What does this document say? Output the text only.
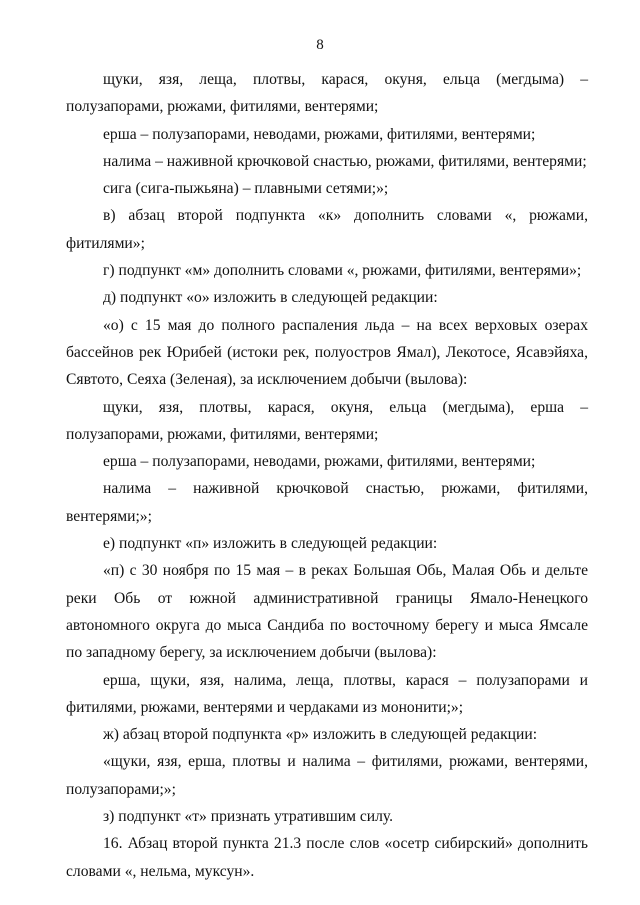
8

щуки, язя, леща, плотвы, карася, окуня, ельца (мегдыма) – полузапорами, рюжами, фитилями, вентерями;

ерша – полузапорами, неводами, рюжами, фитилями, вентерями;

налима – наживной крючковой снастью, рюжами, фитилями, вентерями;

сига (сига-пыжьяна) – плавными сетями;»;

в) абзац второй подпункта «к» дополнить словами «, рюжами, фитилями»;

г) подпункт «м» дополнить словами «, рюжами, фитилями, вентерями»;

д) подпункт «о» изложить в следующей редакции:

«о) с 15 мая до полного распаления льда – на всех верховых озерах бассейнов рек Юрибей (истоки рек, полуостров Ямал), Лекотосе, Ясавэйяха, Сявтото, Сеяха (Зеленая), за исключением добычи (вылова):

щуки, язя, плотвы, карася, окуня, ельца (мегдыма), ерша – полузапорами, рюжами, фитилями, вентерями;

ерша – полузапорами, неводами, рюжами, фитилями, вентерями;

налима – наживной крючковой снастью, рюжами, фитилями, вентерями;»;

е) подпункт «п» изложить в следующей редакции:

«п) с 30 ноября по 15 мая – в реках Большая Обь, Малая Обь и дельте реки Обь от южной административной границы Ямало-Ненецкого автономного округа до мыса Сандиба по восточному берегу и мыса Ямсале по западному берегу, за исключением добычи (вылова):

ерша, щуки, язя, налима, леща, плотвы, карася – полузапорами и фитилями, рюжами, вентерями и чердаками из мононити;»;

ж) абзац второй подпункта «р» изложить в следующей редакции:

«щуки, язя, ерша, плотвы и налима – фитилями, рюжами, вентерями, полузапорами;»;

з) подпункт «т» признать утратившим силу.

16. Абзац второй пункта 21.3 после слов «осетр сибирский» дополнить словами «, нельма, муксун».
